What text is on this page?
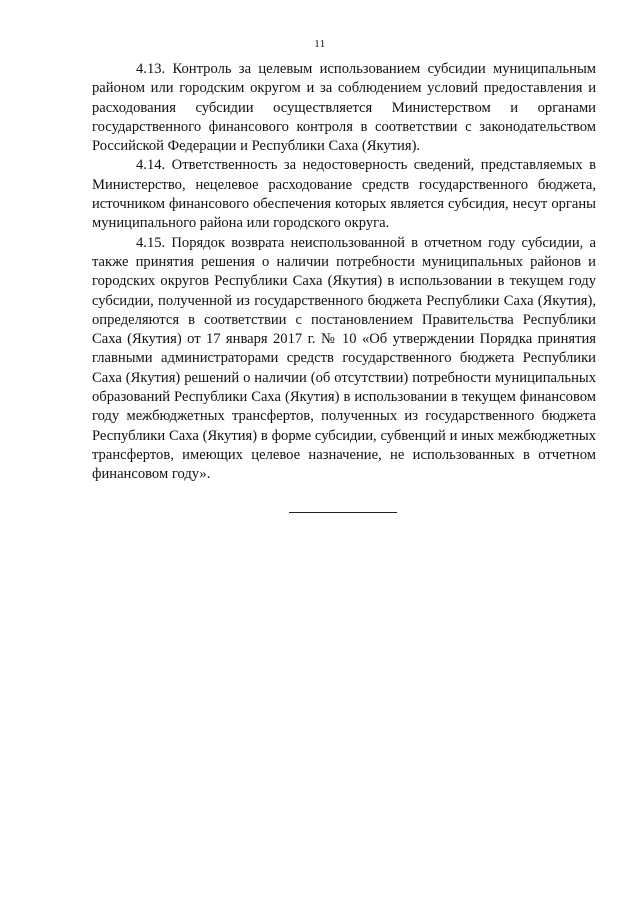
11

4.13. Контроль за целевым использованием субсидии муниципальным районом или городским округом и за соблюдением условий предоставления и расходования субсидии осуществляется Министерством и органами государственного финансового контроля в соответствии с законодательством Российской Федерации и Республики Саха (Якутия).

4.14. Ответственность за недостоверность сведений, представляемых в Министерство, нецелевое расходование средств государственного бюджета, источником финансового обеспечения которых является субсидия, несут органы муниципального района или городского округа.

4.15. Порядок возврата неиспользованной в отчетном году субсидии, а также принятия решения о наличии потребности муниципальных районов и городских округов Республики Саха (Якутия) в использовании в текущем году субсидии, полученной из государственного бюджета Республики Саха (Якутия), определяются в соответствии с постановлением Правительства Республики Саха (Якутия) от 17 января 2017 г. № 10 «Об утверждении Порядка принятия главными администраторами средств государственного бюджета Республики Саха (Якутия) решений о наличии (об отсутствии) потребности муниципальных образований Республики Саха (Якутия) в использовании в текущем финансовом году межбюджетных трансфертов, полученных из государственного бюджета Республики Саха (Якутия) в форме субсидии, субвенций и иных межбюджетных трансфертов, имеющих целевое назначение, не использованных в отчетном финансовом году».
